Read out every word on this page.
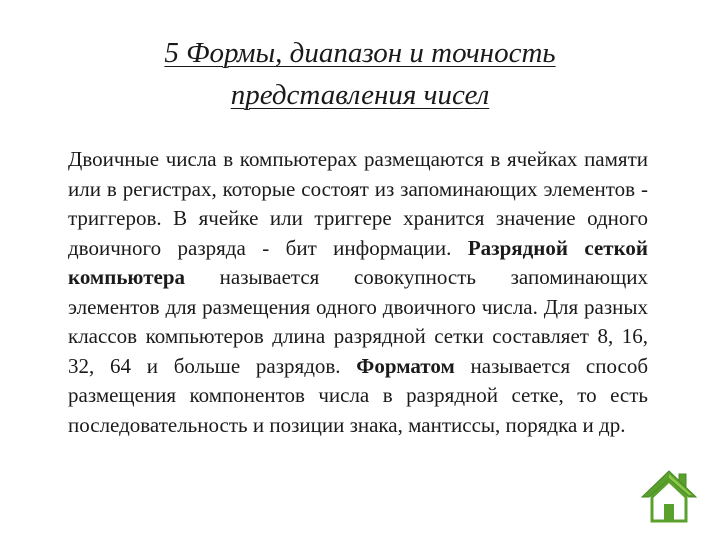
5 Формы, диапазон и точность
представления чисел

Двоичные числа в компьютерах размещаются в ячейках памяти или в регистрах, которые состоят из запоминающих элементов - триггеров. В ячейке или триггере хранится значение одного двоичного разряда - бит информации. Разрядной сеткой компьютера называется совокупность запоминающих элементов для размещения одного двоичного числа. Для разных классов компьютеров длина разрядной сетки составляет 8, 16, 32, 64 и больше разрядов. Форматом называется способ размещения компонентов числа в разрядной сетке, то есть последовательность и позиции знака, мантиссы, порядка и др.
